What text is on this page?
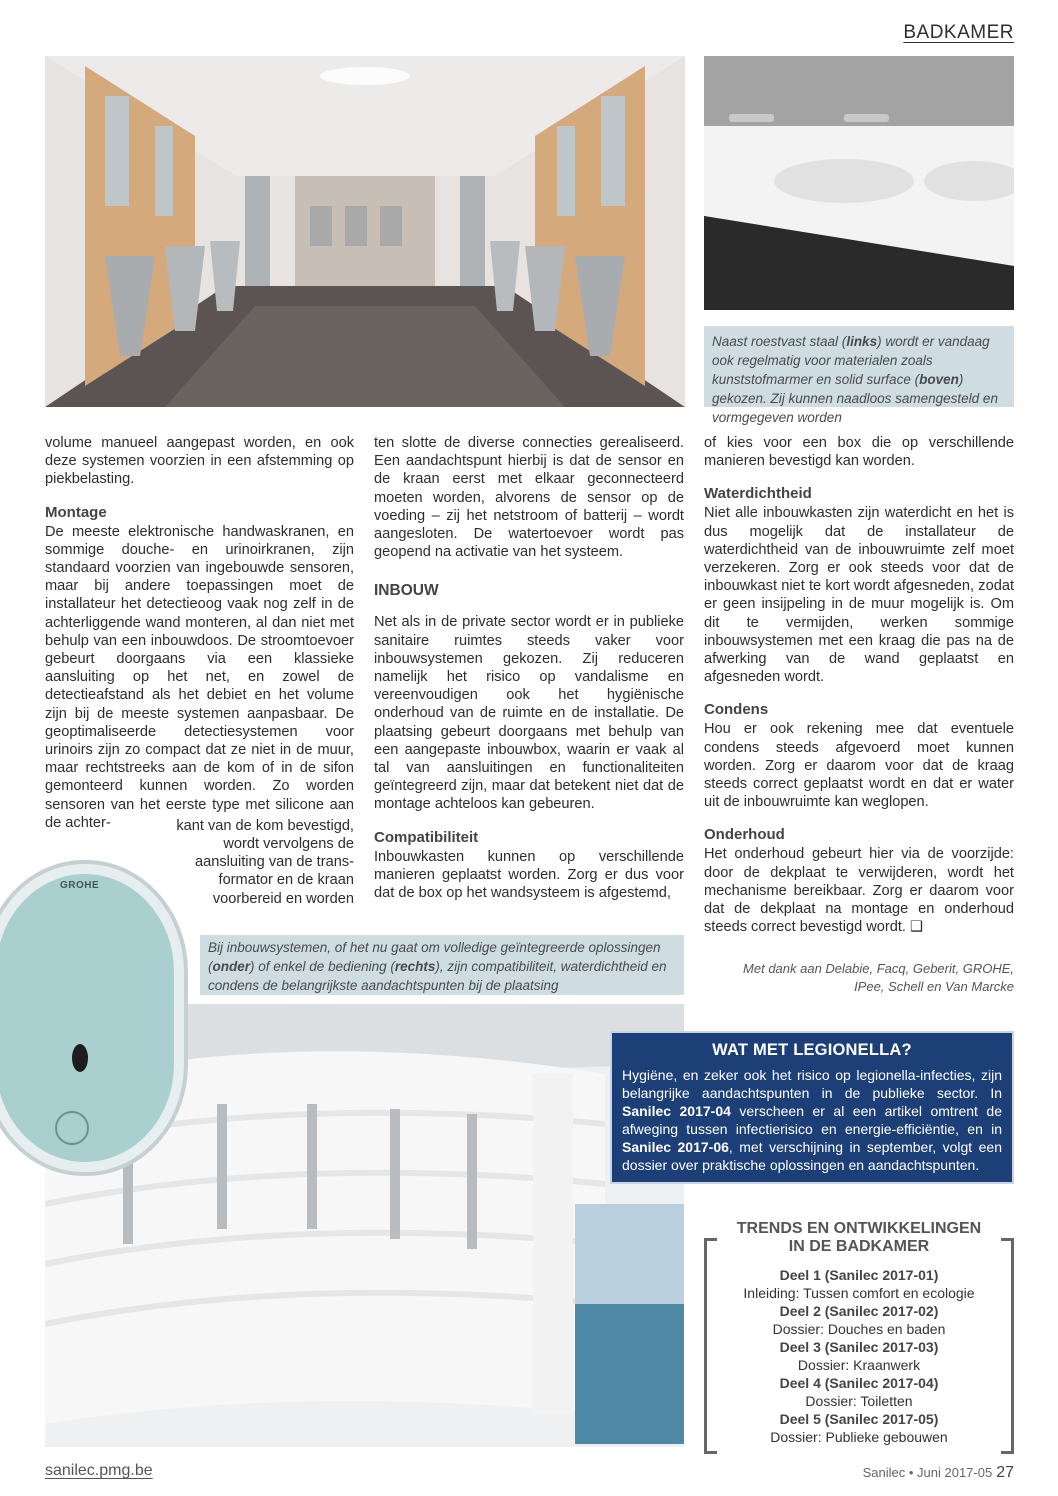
BADKAMER
Naast roestvast staal (links) wordt er vandaag ook regelmatig voor materialen zoals kunststofmarmer en solid surface (boven) gekozen. Zij kunnen naadloos samengesteld en vormgegeven worden

volume manueel aangepast worden, en ook deze systemen voorzien in een afstemming op piekbelasting.

Montage

De meeste elektronische handwaskranen, en sommige douche- en urinoirkranen, zijn standaard voorzien van ingebouwde sensoren, maar bij andere toepassingen moet de installateur het detectieoog vaak nog zelf in de achterliggende wand monteren, al dan niet met behulp van een inbouwdoos. De stroomtoevoer gebeurt doorgaans via een klassieke aansluiting op het net, en zowel de detectieafstand als het debiet en het volume zijn bij de meeste systemen aanpasbaar. De geoptimaliseerde detectiesystemen voor urinoirs zijn zo compact dat ze niet in de muur, maar rechtstreeks aan de kom of in de sifon gemonteerd kunnen worden. Zo worden sensoren van het eerste type met silicone aan de achter-	kant van de kom bevestigd,

wordt vervolgens de

aansluiting van de trans-

formator en de kraan

voorbereid en worden

ten slotte de diverse connecties gerealiseerd. Een aandachtspunt hierbij is dat de sensor en de kraan eerst met elkaar geconnecteerd moeten worden, alvorens de sensor op de voeding – zij het netstroom of batterij – wordt aangesloten. De watertoevoer wordt pas geopend na activatie van het systeem.

INBOUW

Net als in de private sector wordt er in publieke sanitaire ruimtes steeds vaker voor inbouwsystemen gekozen. Zij reduceren namelijk het risico op vandalisme en vereenvoudigen ook het hygiënische onderhoud van de ruimte en de installatie. De plaatsing gebeurt doorgaans met behulp van een aangepaste inbouwbox, waarin er vaak al tal van aansluitingen en functionaliteiten geïntegreerd zijn, maar dat betekent niet dat de montage achteloos kan gebeuren.

Compatibiliteit

Inbouwkasten kunnen op verschillende manieren geplaatst worden. Zorg er dus voor dat de box op het wandsysteem is afgestemd,

of kies voor een box die op verschillende manieren bevestigd kan worden.

Waterdichtheid

Niet alle inbouwkasten zijn waterdicht en het is dus mogelijk dat de installateur de waterdichtheid van de inbouwruimte zelf moet verzekeren. Zorg er ook steeds voor dat de inbouwkast niet te kort wordt afgesneden, zodat er geen insijpeling in de muur mogelijk is. Om dit te vermijden, werken sommige inbouwsystemen met een kraag die pas na de afwerking van de wand geplaatst en afgesneden wordt.

Condens

Hou er ook rekening mee dat eventuele condens steeds afgevoerd moet kunnen worden. Zorg er daarom voor dat de kraag steeds correct geplaatst wordt en dat er water uit de inbouwruimte kan weglopen.

Onderhoud

Het onderhoud gebeurt hier via de voorzijde: door de dekplaat te verwijderen, wordt het mechanisme bereikbaar. Zorg er daarom voor dat de dekplaat na montage en onderhoud steeds correct bevestigd wordt. ❑

Met dank aan Delabie, Facq, Geberit, GROHE,
IPee, Schell en Van Marcke
Bij inbouwsystemen, of het nu gaat om volledige geïntegreerde oplossingen (onder) of enkel de bediening (rechts), zijn compatibiliteit, waterdichtheid en condens de belangrijkste aandachtspunten bij de plaatsing
GROHE
WAT MET LEGIONELLA?

Hygiëne, en zeker ook het risico op legionella-infecties, zijn belangrijke aandachtspunten in de publieke sector. In Sanilec 2017-04 verscheen er al een artikel omtrent de afweging tussen infectierisico en energie-efficiëntie, en in Sanilec 2017-06, met verschijning in september, volgt een dossier over praktische oplossingen en aandachtspunten.

TRENDS EN ONTWIKKELINGEN
IN DE BADKAMER
Deel 1 (Sanilec 2017-01)
Inleiding: Tussen comfort en ecologie
Deel 2 (Sanilec 2017-02)
Dossier: Douches en baden
Deel 3 (Sanilec 2017-03)
Dossier: Kraanwerk
Deel 4 (Sanilec 2017-04)
Dossier: Toiletten
Deel 5 (Sanilec 2017-05)
Dossier: Publieke gebouwen
sanilec.pmg.be	Sanilec • Juni 2017-05 27
